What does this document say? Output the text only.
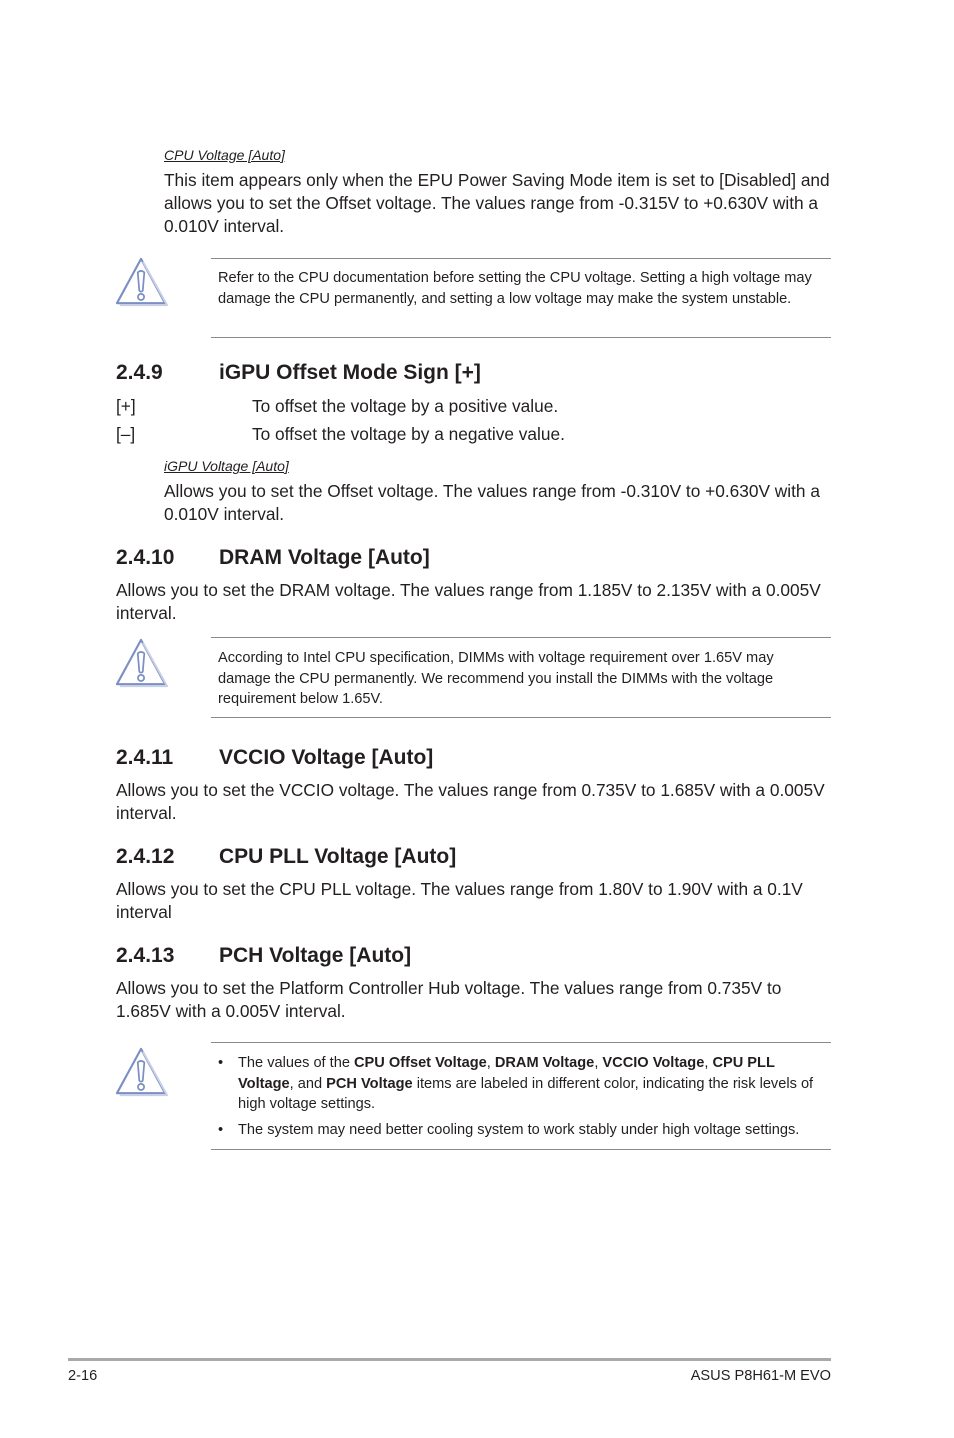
CPU Voltage [Auto]
This item appears only when the EPU Power Saving Mode item is set to [Disabled] and allows you to set the Offset voltage. The values range from -0.315V to +0.630V with a 0.010V interval.
Refer to the CPU documentation before setting the CPU voltage. Setting a high voltage may damage the CPU permanently, and setting a low voltage may make the system unstable.
2.4.9	iGPU Offset Mode Sign [+]
[+]	To offset the voltage by a positive value.
[–]	To offset the voltage by a negative value.
iGPU Voltage [Auto]
Allows you to set the Offset voltage. The values range from -0.310V to +0.630V with a 0.010V interval.
2.4.10 DRAM Voltage [Auto]
Allows you to set the DRAM voltage. The values range from 1.185V to 2.135V with a 0.005V interval.
According to Intel CPU specification, DIMMs with voltage requirement over 1.65V may damage the CPU permanently. We recommend you install the DIMMs with the voltage requirement below 1.65V.
2.4.11 VCCIO Voltage [Auto]
Allows you to set the VCCIO voltage. The values range from 0.735V to 1.685V with a 0.005V interval.
2.4.12 CPU PLL Voltage [Auto]
Allows you to set the CPU PLL voltage. The values range from 1.80V to 1.90V with a 0.1V interval
2.4.13 PCH Voltage [Auto]
Allows you to set the Platform Controller Hub voltage. The values range from 0.735V to 1.685V with a 0.005V interval.
• The values of the CPU Offset Voltage, DRAM Voltage, VCCIO Voltage, CPU PLL Voltage, and PCH Voltage items are labeled in different color, indicating the risk levels of high voltage settings.
• The system may need better cooling system to work stably under high voltage settings.
2-16	ASUS P8H61-M EVO
